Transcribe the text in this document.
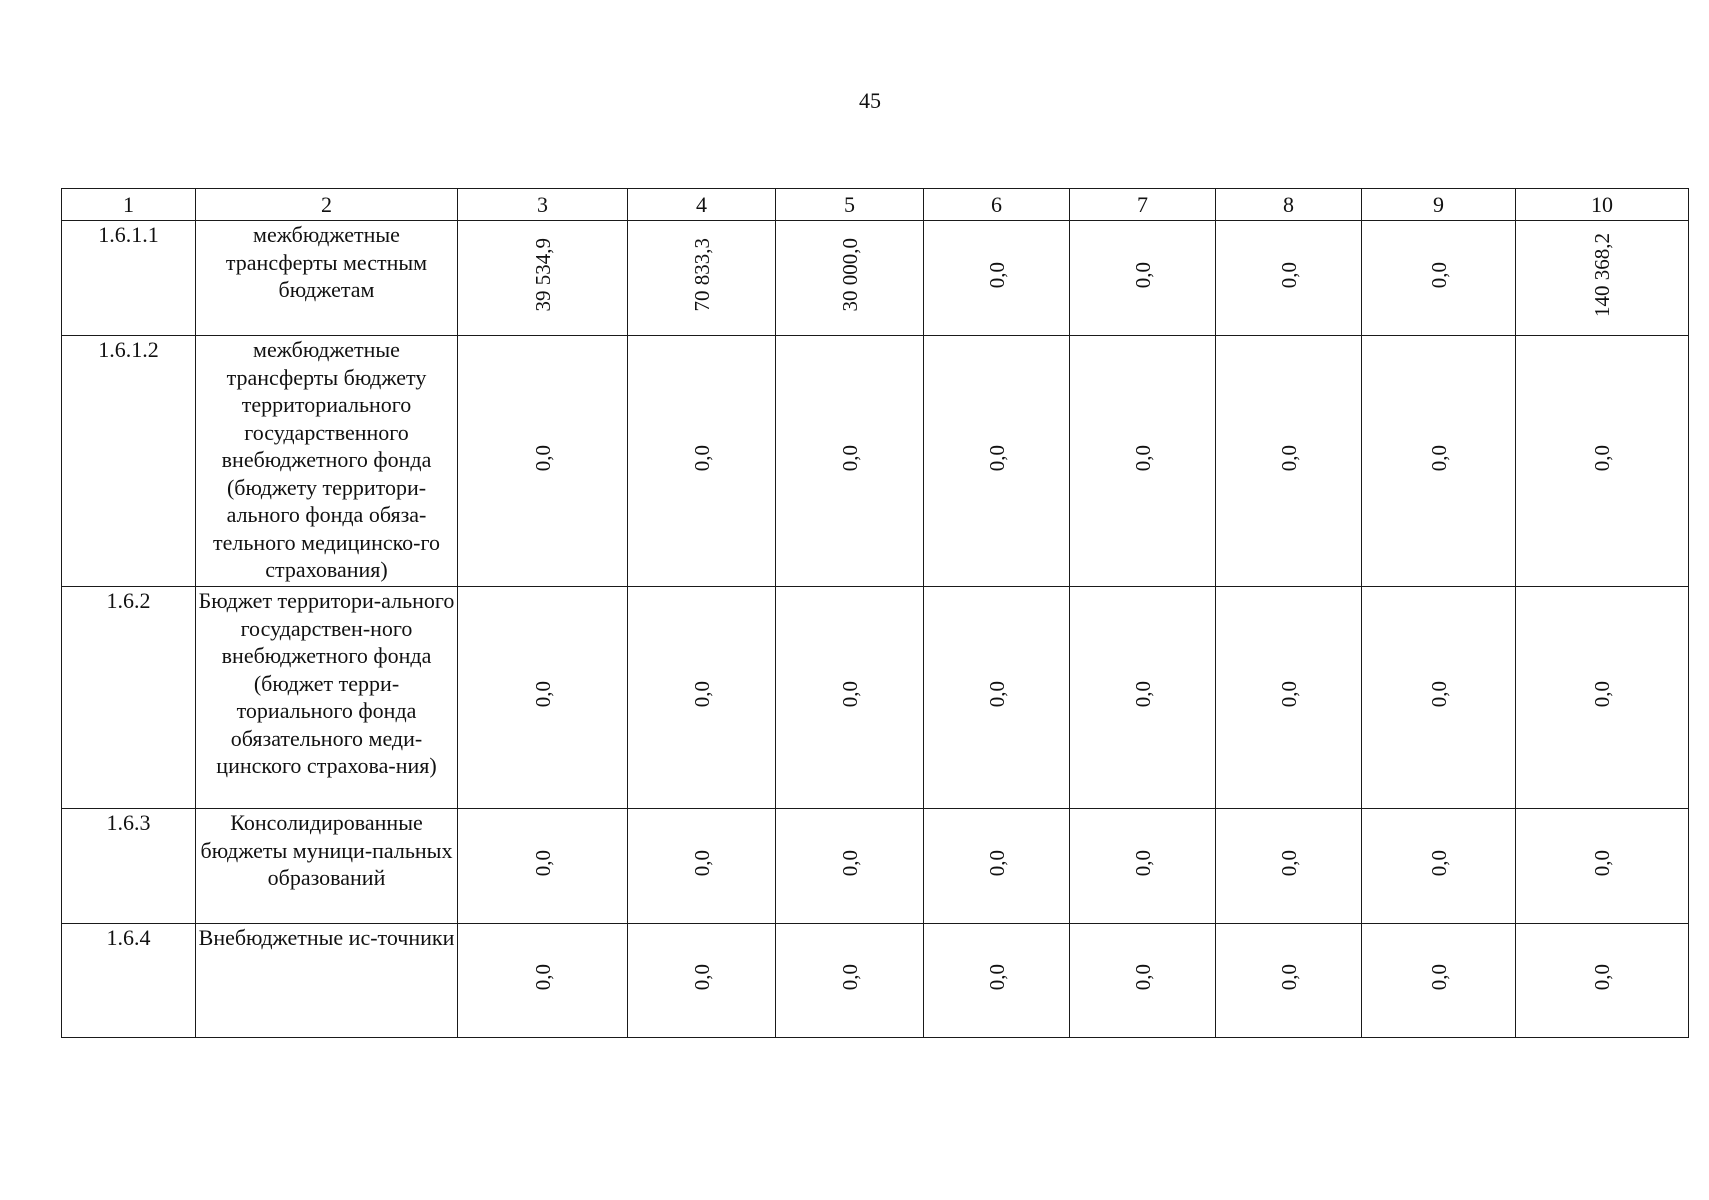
45
1	2	3	4	5	6	7	8	9	10
1.6.1.1	межбюджетные трансферты местным бюджетам	39 534,9	70 833,3	30 000,0	0,0	0,0	0,0	0,0	140 368,2
1.6.1.2	межбюджетные трансферты бюджету территориального государственного внебюджетного фонда (бюджету территори-ального фонда обяза-тельного медицинско-го страхования)	0,0	0,0	0,0	0,0	0,0	0,0	0,0	0,0
1.6.2	Бюджет территори-ального государствен-ного внебюджетного фонда (бюджет терри-ториального фонда обязательного меди-цинского страхова-ния)	0,0	0,0	0,0	0,0	0,0	0,0	0,0	0,0
1.6.3	Консолидированные бюджеты муници-пальных образований	0,0	0,0	0,0	0,0	0,0	0,0	0,0	0,0
1.6.4	Внебюджетные ис-точники	0,0	0,0	0,0	0,0	0,0	0,0	0,0	0,0
